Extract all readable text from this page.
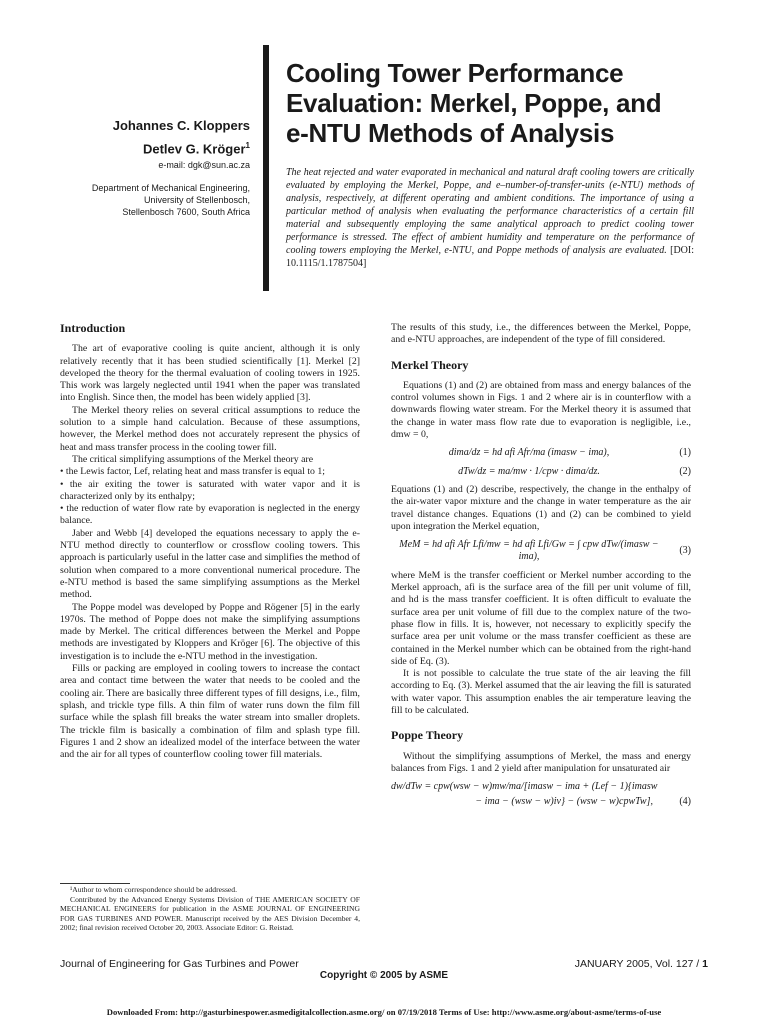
Johannes C. Kloppers
Detlev G. Kröger$^1$
e-mail: dgk@sun.ac.za
Department of Mechanical Engineering,
University of Stellenbosch,
Stellenbosch 7600, South Africa
Cooling Tower Performance
Evaluation: Merkel, Poppe, and
e-NTU Methods of Analysis
The heat rejected and water evaporated in mechanical and natural draft cooling towers are critically evaluated by employing the Merkel, Poppe, and e–number-of-transfer-units (e-NTU) methods of analysis, respectively, at different operating and ambient conditions. The importance of using a particular method of analysis when evaluating the performance characteristics of a certain fill material and subsequently employing the same analytical approach to predict cooling tower performance is stressed. The effect of ambient humidity and temperature on the performance of cooling towers employing the Merkel, e-NTU, and Poppe methods of analysis are evaluated. [DOI: 10.1115/1.1787504]
Introduction

The art of evaporative cooling is quite ancient, although it is only relatively recently that it has been studied scientifically [1]. Merkel [2] developed the theory for the thermal evaluation of cooling towers in 1925. This work was largely neglected until 1941 when the paper was translated into English. Since then, the model has been widely applied [3].

The Merkel theory relies on several critical assumptions to reduce the solution to a simple hand calculation. Because of these assumptions, however, the Merkel method does not accurately represent the physics of heat and mass transfer process in the cooling tower fill.

The critical simplifying assumptions of the Merkel theory are

• the Lewis factor, Lef, relating heat and mass transfer is equal to 1;

• the air exiting the tower is saturated with water vapor and it is characterized only by its enthalpy;

• the reduction of water flow rate by evaporation is neglected in the energy balance.

Jaber and Webb [4] developed the equations necessary to apply the e-NTU method directly to counterflow or crossflow cooling towers. This approach is particularly useful in the latter case and simplifies the method of solution when compared to a more conventional numerical procedure. The e-NTU method is based the same simplifying assumptions as the Merkel method.

The Poppe model was developed by Poppe and Rögener [5] in the early 1970s. The method of Poppe does not make the simplifying assumptions made by Merkel. The critical differences between the Merkel and Poppe methods are investigated by Kloppers and Kröger [6]. The objective of this investigation is to include the e-NTU method in the investigation.

Fills or packing are employed in cooling towers to increase the contact area and contact time between the water that needs to be cooled and the cooling air. There are basically three different types of fill designs, i.e., film, splash, and trickle type fills. A thin film of water runs down the film fill surface while the splash fill breaks the water stream into smaller droplets. The trickle film is basically a combination of film and splash type fill. Figures 1 and 2 show an idealized model of the interface between the water and the air for all types of counterflow cooling tower fill materials.

¹Author to whom correspondence should be addressed.

Contributed by the Advanced Energy Systems Division of THE AMERICAN SOCIETY OF MECHANICAL ENGINEERS for publication in the ASME JOURNAL OF ENGINEERING FOR GAS TURBINES AND POWER. Manuscript received by the AES Division December 4, 2002; final revision received October 20, 2003. Associate Editor: G. Reistad.

The results of this study, i.e., the differences between the Merkel, Poppe, and e-NTU approaches, are independent of the type of fill considered.

Merkel Theory

Equations (1) and (2) are obtained from mass and energy balances of the control volumes shown in Figs. 1 and 2 where air is in counterflow with a downwards flowing water stream. For the Merkel theory it is assumed that the change in water mass flow rate due to evaporation is negligible, i.e., dmw = 0,

dima/dz = hd afi Afr/ma (imasw − ima),	(1)
dTw/dz = ma/mw · 1/cpw · dima/dz.	(2)

Equations (1) and (2) describe, respectively, the change in the enthalpy of the air-water vapor mixture and the change in water temperature as the air travel distance changes. Equations (1) and (2) can be combined to yield upon integration the Merkel equation,

MeM = hd afi Afr Lfi/mw = hd afi Lfi/Gw = ∫ cpw dTw/(imasw − ima),
(3)

where MeM is the transfer coefficient or Merkel number according to the Merkel approach, afi is the surface area of the fill per unit volume of fill, and hd is the mass transfer coefficient. It is often difficult to evaluate the surface area per unit volume of fill due to the complex nature of the two-phase flow in fills. It is, however, not necessary to explicitly specify the surface area per unit volume or the mass transfer coefficient as these are contained in the Merkel number which can be obtained from the right-hand side of Eq. (3).

It is not possible to calculate the true state of the air leaving the fill according to Eq. (3). Merkel assumed that the air leaving the fill is saturated with water vapor. This assumption enables the air temperature leaving the fill to be calculated.

Poppe Theory

Without the simplifying assumptions of Merkel, the mass and energy balances from Figs. 1 and 2 yield after manipulation for unsaturated air

dw/dTw = cpw(wsw − w)mw/ma/[imasw − ima + (Lef − 1){imasw
− ima − (wsw − w)iv} − (wsw − w)cpwTw],	(4)
Journal of Engineering for Gas Turbines and Power	JANUARY 2005, Vol. 127 / 1
Copyright © 2005 by ASME
Downloaded From: http://gasturbinespower.asmedigitalcollection.asme.org/ on 07/19/2018 Terms of Use: http://www.asme.org/about-asme/terms-of-use
